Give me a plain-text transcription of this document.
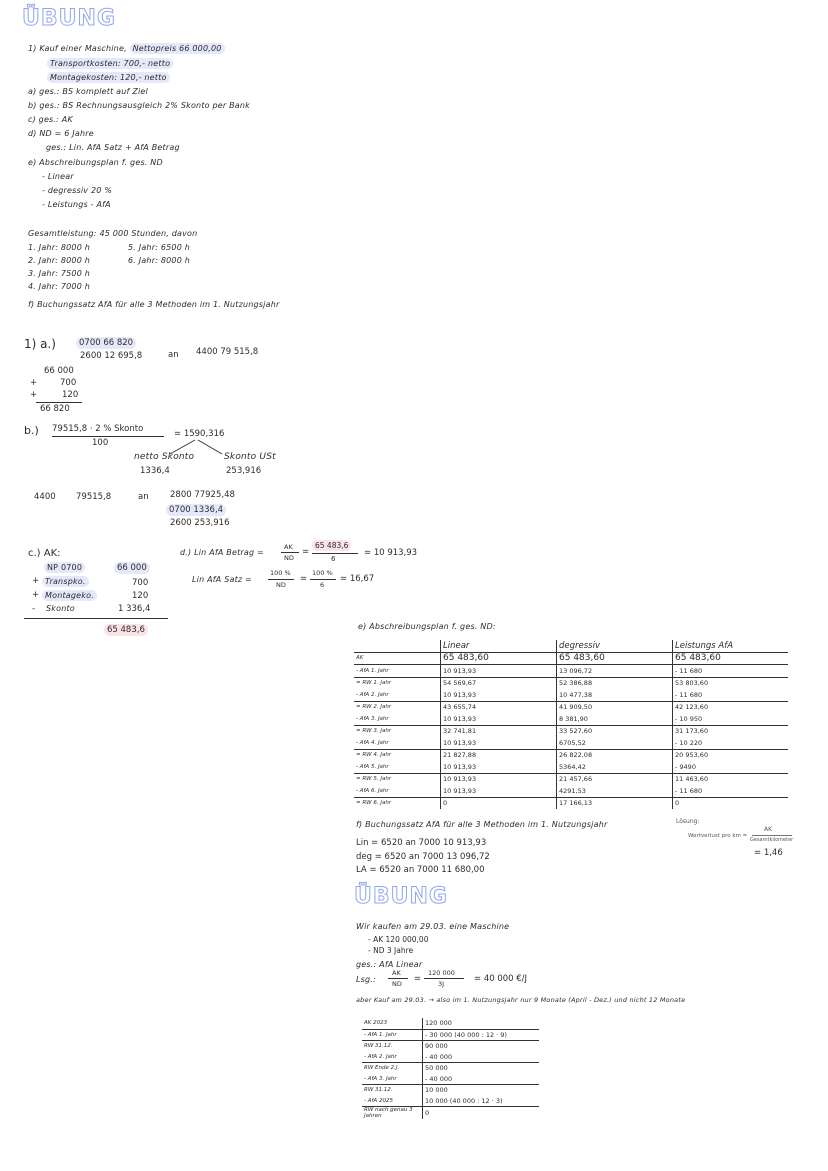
ÜBUNG
1) Kauf einer Maschine, Nettopreis 66 000,00
Transportkosten: 700,- netto
Montagekosten: 120,- netto
a) ges.: BS komplett auf Ziel
b) ges.: BS Rechnungsausgleich 2% Skonto per Bank
c) ges.: AK
d) ND = 6 Jahre
ges.: Lin. AfA Satz + AfA Betrag
e) Abschreibungsplan f. ges. ND
- Linear
- degressiv 20 %
- Leistungs - AfA
Gesamtleistung: 45 000 Stunden, davon
1. Jahr: 8000 h	5. Jahr: 6500 h
2. Jahr: 8000 h	6. Jahr: 8000 h
3. Jahr: 7500 h
4. Jahr: 7000 h
f) Buchungssatz AfA für alle 3 Methoden im 1. Nutzungsjahr
1) a.)	0700 66 820
2600 12 695,8	an 4400 79 515,8
66 000
+	700
+	120
66 820
b.) 79515,8 · 2 % Skonto
100
= 1590,316
netto Skonto
1336,4
Skonto USt
253,916
4400 79515,8	an	2800 77925,48
0700 1336,4
2600 253,916
c.) AK:
NP 0700	66 000
+ Transpko.	700
+ Montageko.	120
- Skonto	1 336,4
65 483,6
d.) Lin AfA Betrag =
AK
ND
=
65 483,6
6
= 10 913,93
Lin AfA Satz =
100 %
ND
=
100 %
6
= 16,67
e) Abschreibungsplan f. ges. ND:
	Linear	degressiv	Leistungs AfA
AK	65 483,60	65 483,60	65 483,60
- AfA 1. Jahr	10 913,93	13 096,72	- 11 680
= RW 1. Jahr	54 569,67	52 386,88	53 803,60
- AfA 2. Jahr	10 913,93	10 477,38	- 11 680
= RW 2. Jahr	43 655,74	41 909,50	42 123,60
- AfA 3. Jahr	10 913,93	8 381,90	- 10 950
= RW 3. Jahr	32 741,81	33 527,60	31 173,60
- AfA 4. Jahr	10 913,93	6705,52	- 10 220
= RW 4. Jahr	21 827,88	26 822,08	20 953,60
- AfA 5. Jahr	10 913,93	5364,42	- 9490
= RW 5. Jahr	10 913,93	21 457,66	11 463,60
- AfA 6. Jahr	10 913,93	4291,53	- 11 680
= RW 6. Jahr	0	17 166,13	0
f) Buchungssatz AfA für alle 3 Methoden im 1. Nutzungsjahr
Lin = 6520 an 7000 10 913,93
deg = 6520 an 7000 13 096,72
LA = 6520 an 7000 11 680,00
Lösung:
Wertverlust pro km =
AK
Gesamtkilometer
= 1,46
ÜBUNG
Wir kaufen am 29.03. eine Maschine
- AK 120 000,00
- ND 3 Jahre
ges.: AfA Linear
Lsg.:
AK
ND =
120 000
3J	= 40 000 €/J
aber Kauf am 29.03. → also im 1. Nutzungsjahr nur 9 Monate (April - Dez.) und nicht 12 Monate
AK 2023	120 000
- AfA 1. Jahr	- 30 000 (40 000 : 12 · 9)
RW 31.12.	90 000
- AfA 2. Jahr	- 40 000
RW Ende 2.J.	50 000
- AfA 3. Jahr	- 40 000
RW 31.12.	10 000
- AfA 2025	10 000 (40 000 : 12 · 3)
RW nach genau 3 Jahren	0
